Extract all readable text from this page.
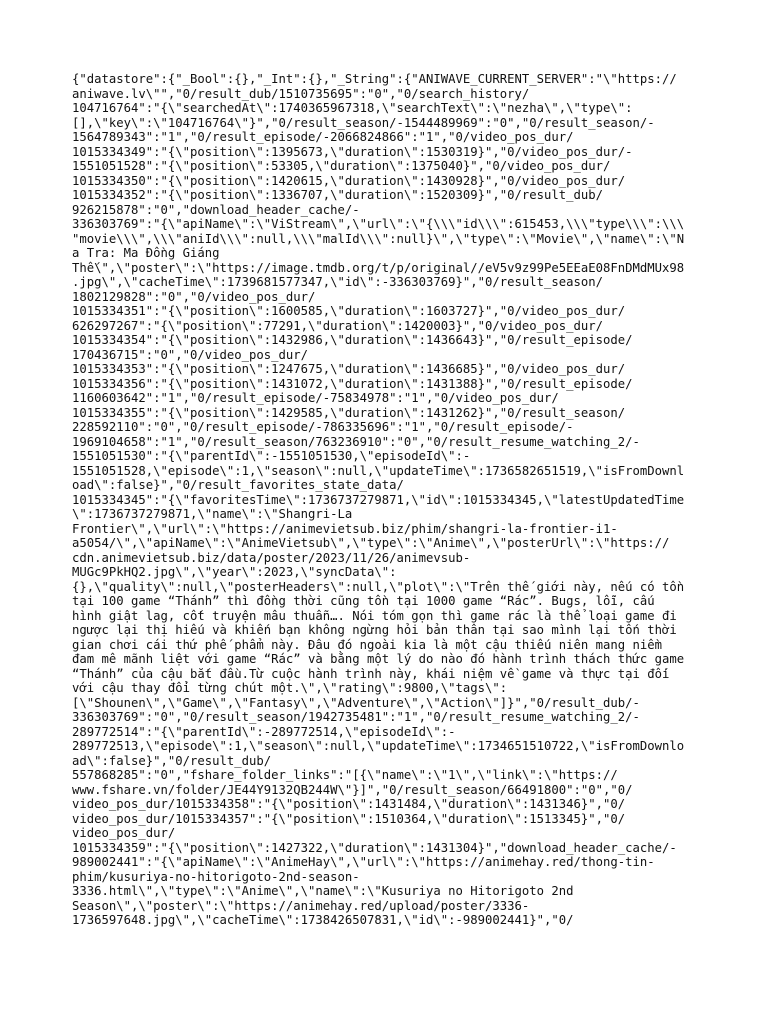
{"datastore":{"_Bool":{},"_Int":{},"_String":{"ANIWAVE_CURRENT_SERVER":"\"https://
aniwave.lv\"","0/result_dub/1510735695":"0","0/search_history/
104716764":"{\"searchedAt\":1740365967318,\"searchText\":\"nezha\",\"type\":
[],\"key\":\"104716764\"}","0/result_season/-1544489969":"0","0/result_season/-
1564789343":"1","0/result_episode/-2066824866":"1","0/video_pos_dur/
1015334349":"{\"position\":1395673,\"duration\":1530319}","0/video_pos_dur/-
1551051528":"{\"position\":53305,\"duration\":1375040}","0/video_pos_dur/
1015334350":"{\"position\":1420615,\"duration\":1430928}","0/video_pos_dur/
1015334352":"{\"position\":1336707,\"duration\":1520309}","0/result_dub/
926215878":"0","download_header_cache/-
336303769":"{\"apiName\":\"ViStream\",\"url\":\"{\\\"id\\\":615453,\\\"type\\\":\\\
"movie\\\",\\\"aniId\\\":null,\\\"malId\\\":null}\",\"type\":\"Movie\",\"name\":\"N
a Tra: Ma Đồng Giáng
Thế\",\"poster\":\"https://image.tmdb.org/t/p/original//eV5v9z99Pe5EEaE08FnDMdMUx98
.jpg\",\"cacheTime\":1739681577347,\"id\":-336303769}","0/result_season/
1802129828":"0","0/video_pos_dur/
1015334351":"{\"position\":1600585,\"duration\":1603727}","0/video_pos_dur/
626297267":"{\"position\":77291,\"duration\":1420003}","0/video_pos_dur/
1015334354":"{\"position\":1432986,\"duration\":1436643}","0/result_episode/
170436715":"0","0/video_pos_dur/
1015334353":"{\"position\":1247675,\"duration\":1436685}","0/video_pos_dur/
1015334356":"{\"position\":1431072,\"duration\":1431388}","0/result_episode/
1160603642":"1","0/result_episode/-75834978":"1","0/video_pos_dur/
1015334355":"{\"position\":1429585,\"duration\":1431262}","0/result_season/
228592110":"0","0/result_episode/-786335696":"1","0/result_episode/-
1969104658":"1","0/result_season/763236910":"0","0/result_resume_watching_2/-
1551051530":"{\"parentId\":-1551051530,\"episodeId\":-
1551051528,\"episode\":1,\"season\":null,\"updateTime\":1736582651519,\"isFromDownl
oad\":false}","0/result_favorites_state_data/
1015334345":"{\"favoritesTime\":1736737279871,\"id\":1015334345,\"latestUpdatedTime
\":1736737279871,\"name\":\"Shangri-La
Frontier\",\"url\":\"https://animevietsub.biz/phim/shangri-la-frontier-i1-
a5054/\",\"apiName\":\"AnimeVietsub\",\"type\":\"Anime\",\"posterUrl\":\"https://
cdn.animevietsub.biz/data/poster/2023/11/26/animevsub-
MUGc9PkHQ2.jpg\",\"year\":2023,\"syncData\":
{},\"quality\":null,\"posterHeaders\":null,\"plot\":\"Trên thế giới này, nếu có tồn
tại 100 game “Thánh” thì đồng thời cũng tồn tại 1000 game “Rác”. Bugs, lỗi, cấu
hình giật lag, cốt truyện mâu thuẫn…. Nói tóm gọn thì game rác là thể loại game đi
ngược lại thị hiếu và khiến bạn không ngừng hỏi bản thân tại sao mình lại tốn thời
gian chơi cái thứ phế phẩm này. Đâu đó ngoài kia là một cậu thiếu niên mang niềm
đam mê mãnh liệt với game “Rác” và bằng một lý do nào đó hành trình thách thức game
“Thánh” của cậu bắt đầu.Từ cuộc hành trình này, khái niệm về game và thực tại đối
với cậu thay đổi từng chút một.\",\"rating\":9800,\"tags\":
[\"Shounen\",\"Game\",\"Fantasy\",\"Adventure\",\"Action\"]}","0/result_dub/-
336303769":"0","0/result_season/1942735481":"1","0/result_resume_watching_2/-
289772514":"{\"parentId\":-289772514,\"episodeId\":-
289772513,\"episode\":1,\"season\":null,\"updateTime\":1734651510722,\"isFromDownlo
ad\":false}","0/result_dub/
557868285":"0","fshare_folder_links":"[{\"name\":\"1\",\"link\":\"https://
www.fshare.vn/folder/JE44Y9132QB244W\"}]","0/result_season/66491800":"0","0/
video_pos_dur/1015334358":"{\"position\":1431484,\"duration\":1431346}","0/
video_pos_dur/1015334357":"{\"position\":1510364,\"duration\":1513345}","0/
video_pos_dur/
1015334359":"{\"position\":1427322,\"duration\":1431304}","download_header_cache/-
989002441":"{\"apiName\":\"AnimeHay\",\"url\":\"https://animehay.red/thong-tin-
phim/kusuriya-no-hitorigoto-2nd-season-
3336.html\",\"type\":\"Anime\",\"name\":\"Kusuriya no Hitorigoto 2nd
Season\",\"poster\":\"https://animehay.red/upload/poster/3336-
1736597648.jpg\",\"cacheTime\":1738426507831,\"id\":-989002441}","0/
